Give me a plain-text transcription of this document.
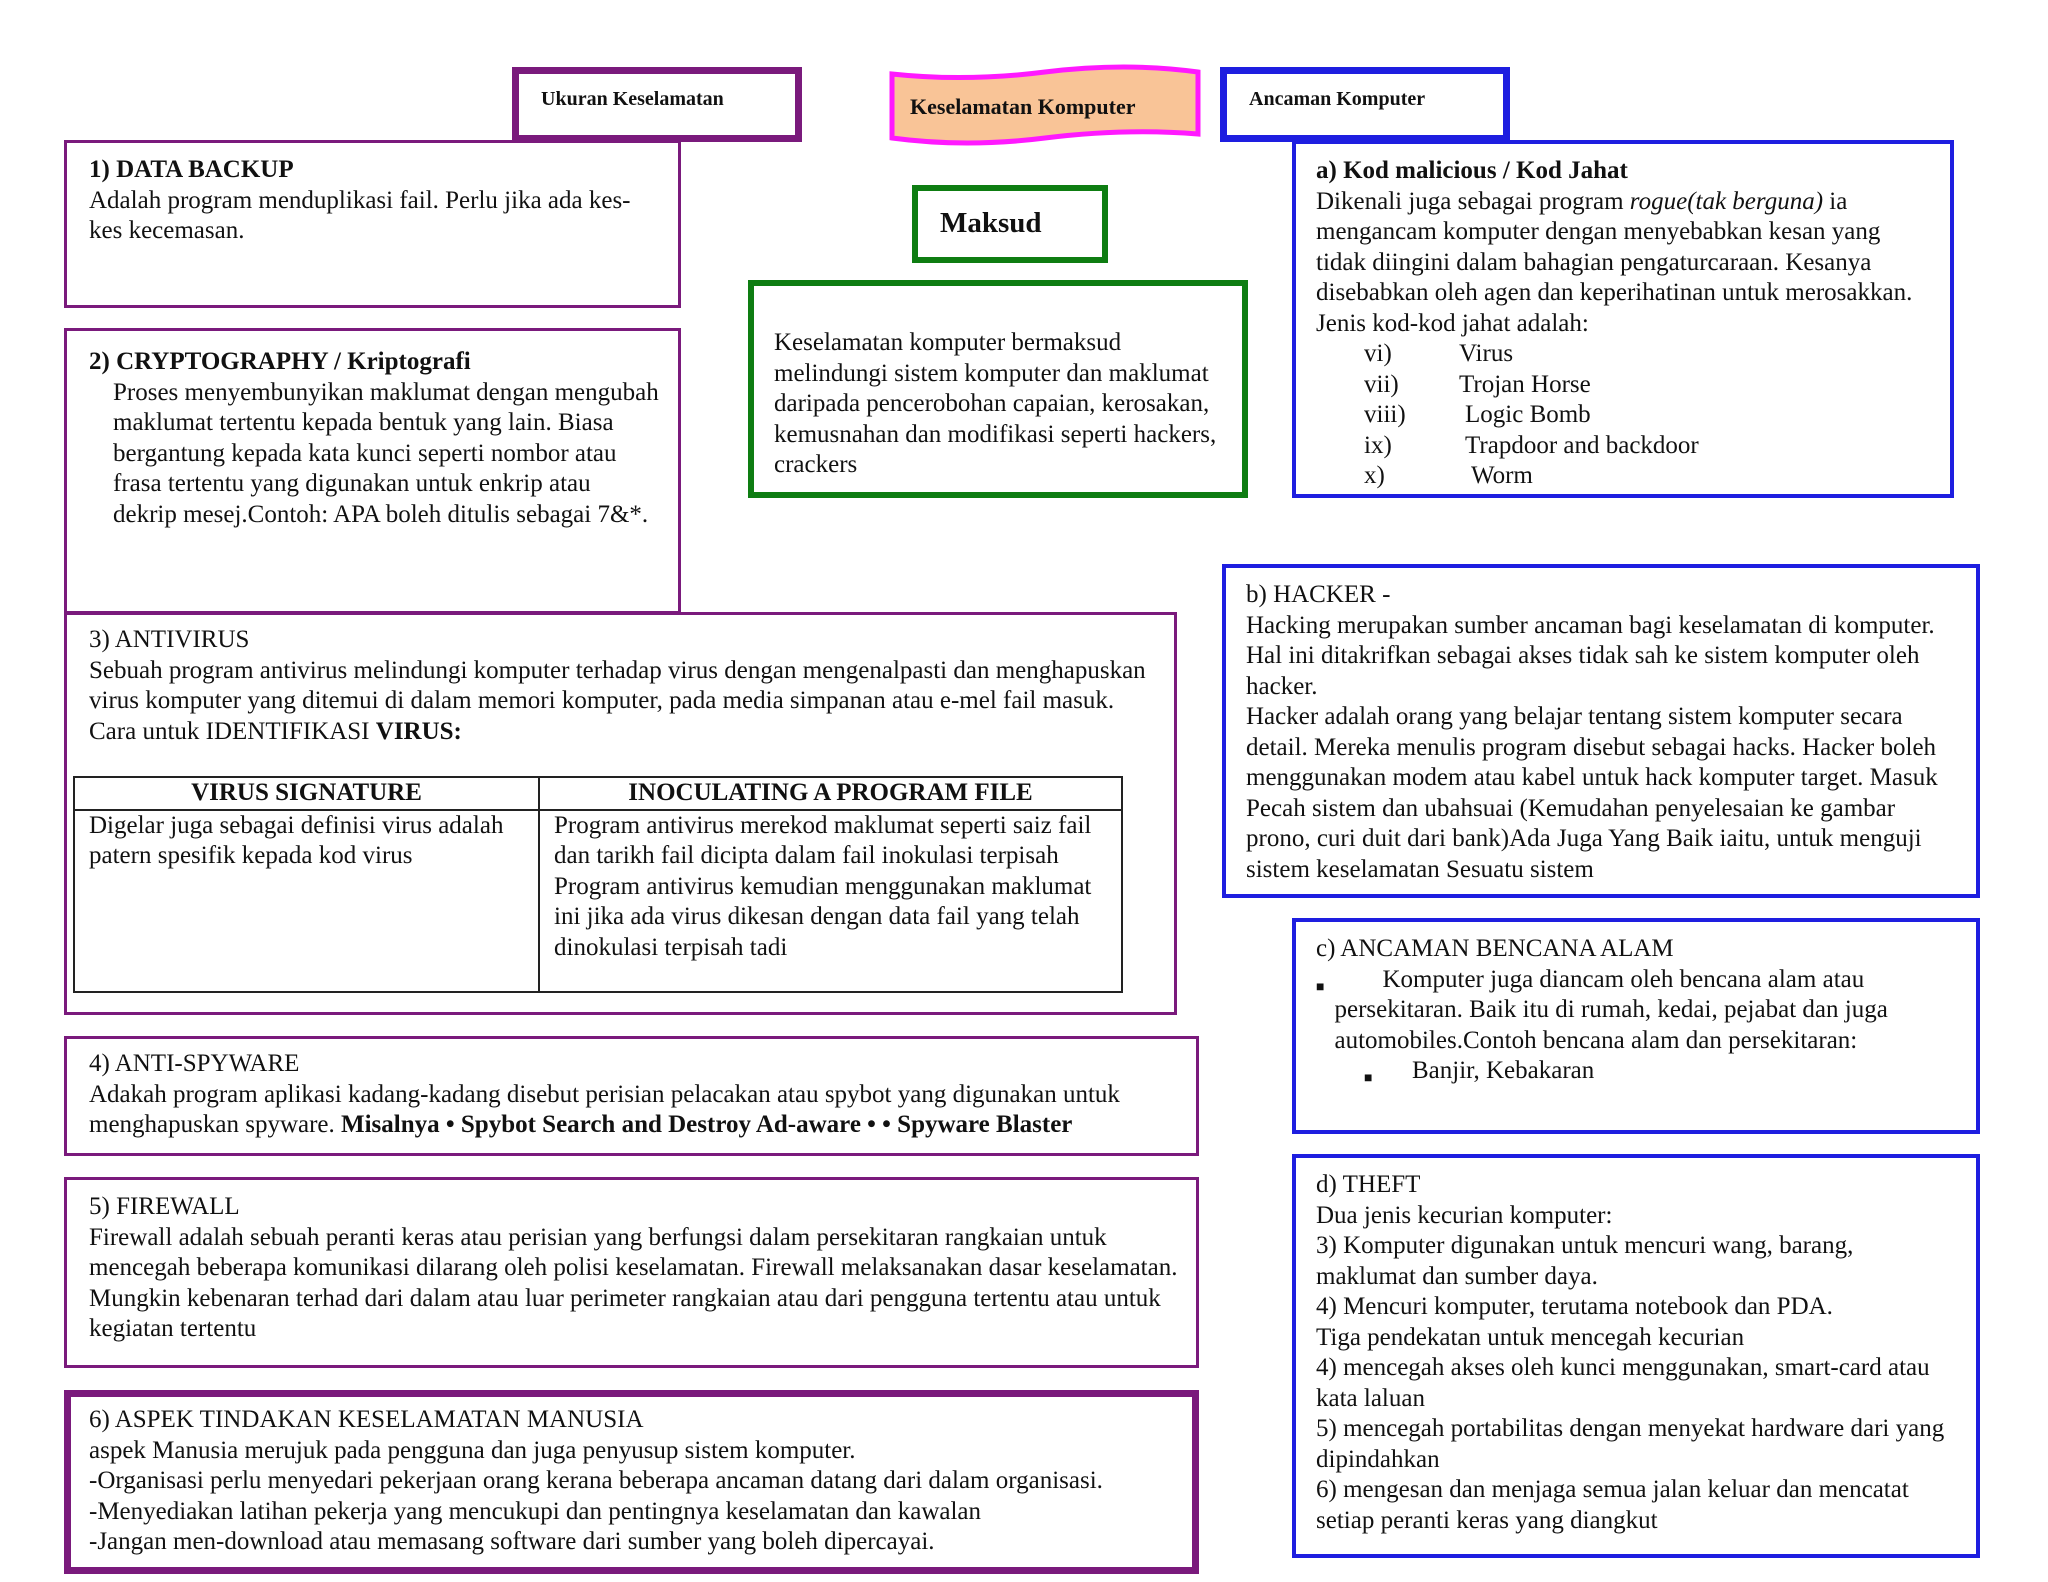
Ukuran Keselamatan	Keselamatan Komputer	Ancaman Komputer
Maksud
Keselamatan komputer bermaksud melindungi sistem komputer dan maklumat daripada pencerobohan capaian, kerosakan, kemusnahan dan modifikasi seperti hackers, crackers
1) DATA BACKUP
Adalah program menduplikasi fail. Perlu jika ada kes-kes kecemasan.
2) CRYPTOGRAPHY / Kriptografi
Proses menyembunyikan maklumat dengan mengubah maklumat tertentu kepada bentuk yang lain. Biasa bergantung kepada kata kunci seperti nombor atau frasa tertentu yang digunakan untuk enkrip atau dekrip mesej.Contoh: APA boleh ditulis sebagai 7&*.
3) ANTIVIRUS
Sebuah program antivirus melindungi komputer terhadap virus dengan mengenalpasti dan menghapuskan virus komputer yang ditemui di dalam memori komputer, pada media simpanan atau e-mel fail masuk.
Cara untuk IDENTIFIKASI VIRUS:
VIRUS SIGNATURE	INOCULATING A PROGRAM FILE

Digelar juga sebagai definisi virus adalah patern spesifik kepada kod virus	Program antivirus merekod maklumat seperti saiz fail dan tarikh fail dicipta dalam fail inokulasi terpisah
Program antivirus kemudian menggunakan maklumat ini jika ada virus dikesan dengan data fail yang telah dinokulasi terpisah tadi
4) ANTI-SPYWARE
Adakah program aplikasi kadang-kadang disebut perisian pelacakan atau spybot yang digunakan untuk menghapuskan spyware. Misalnya • Spybot Search and Destroy Ad-aware • • Spyware Blaster
5) FIREWALL
Firewall adalah sebuah peranti keras atau perisian yang berfungsi dalam persekitaran rangkaian untuk mencegah beberapa komunikasi dilarang oleh polisi keselamatan. Firewall melaksanakan dasar keselamatan. Mungkin kebenaran terhad dari dalam atau luar perimeter rangkaian atau dari pengguna tertentu atau untuk kegiatan tertentu
6) ASPEK TINDAKAN KESELAMATAN MANUSIA
aspek Manusia merujuk pada pengguna dan juga penyusup sistem komputer.
-Organisasi perlu menyedari pekerjaan orang kerana beberapa ancaman datang dari dalam organisasi.
-Menyediakan latihan pekerja yang mencukupi dan pentingnya keselamatan dan kawalan
-Jangan men-download atau memasang software dari sumber yang boleh dipercayai.
a) Kod malicious / Kod Jahat
Dikenali juga sebagai program rogue(tak berguna) ia mengancam komputer dengan menyebabkan kesan yang tidak diingini dalam bahagian pengaturcaraan. Kesanya disebabkan oleh agen dan keperihatinan untuk merosakkan. Jenis kod-kod jahat adalah:
vi)	Virus
vii)	Trojan Horse
viii)	Logic Bomb
ix)	Trapdoor and backdoor
x)	Worm
b) HACKER -
Hacking merupakan sumber ancaman bagi keselamatan di komputer. Hal ini ditakrifkan sebagai akses tidak sah ke sistem komputer oleh hacker.
Hacker adalah orang yang belajar tentang sistem komputer secara detail. Mereka menulis program disebut sebagai hacks. Hacker boleh menggunakan modem atau kabel untuk hack komputer target. Masuk Pecah sistem dan ubahsuai (Kemudahan penyelesaian ke gambar prono, curi duit dari bank)Ada Juga Yang Baik iaitu, untuk menguji sistem keselamatan Sesuatu sistem
c) ANCAMAN BENCANA ALAM
■	Komputer juga diancam oleh bencana alam atau persekitaran. Baik itu di rumah, kedai, pejabat dan juga automobiles.Contoh bencana alam dan persekitaran:
■	Banjir, Kebakaran
d) THEFT
Dua jenis kecurian komputer:
3) Komputer digunakan untuk mencuri wang, barang, maklumat dan sumber daya.
4) Mencuri komputer, terutama notebook dan PDA.
Tiga pendekatan untuk mencegah kecurian
4) mencegah akses oleh kunci menggunakan, smart-card atau kata laluan
5) mencegah portabilitas dengan menyekat hardware dari yang dipindahkan
6) mengesan dan menjaga semua jalan keluar dan mencatat setiap peranti keras yang diangkut
